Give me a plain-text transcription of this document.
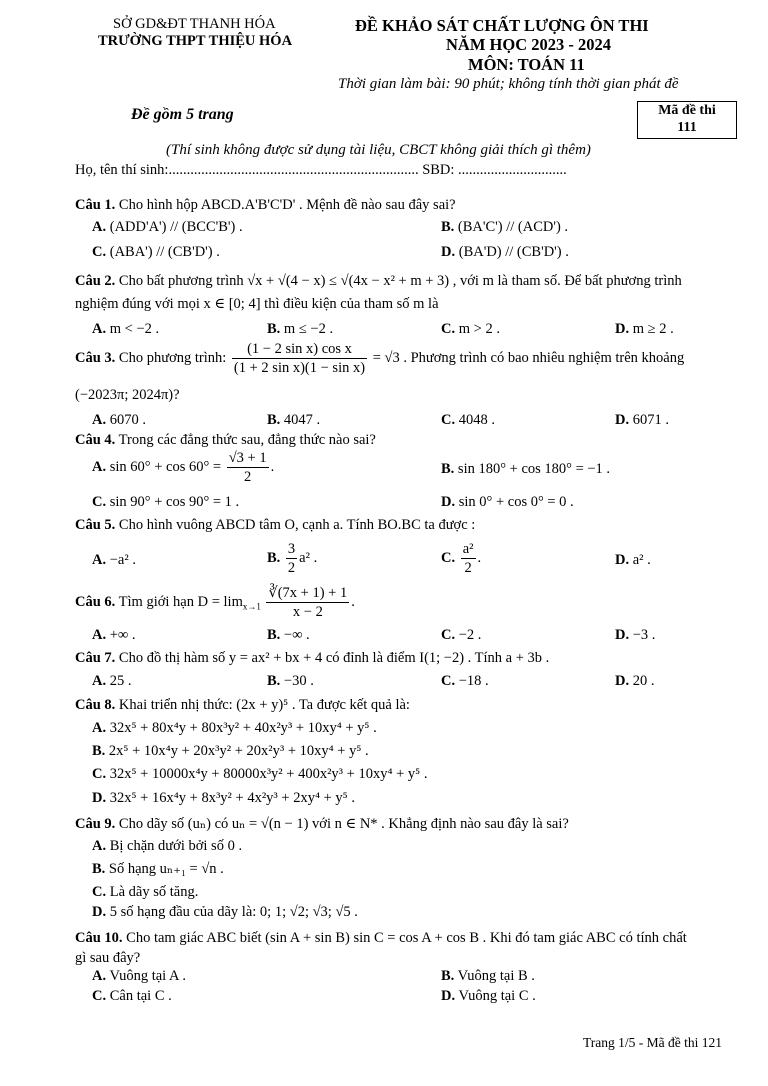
SỞ GD&ĐT THANH HÓA
TRƯỜNG THPT THIỆU HÓA
ĐỀ KHẢO SÁT CHẤT LƯỢNG ÔN THI
NĂM HỌC 2023 - 2024
MÔN: TOÁN 11
Thời gian làm bài: 90 phút; không tính thời gian phát đề
Đề gồm 5 trang	Mã đề thi
111
(Thí sinh không được sử dụng tài liệu, CBCT không giải thích gì thêm)
Họ, tên thí sinh:..................................................................... SBD: ..............................
Câu 1. Cho hình hộp ABCD.A'B'C'D' . Mệnh đề nào sau đây sai?
A. (ADD'A') // (BCC'B') .	B. (BA'C') // (ACD') .
C. (ABA') // (CB'D') .	D. (BA'D) // (CB'D') .
Câu 2. Cho bất phương trình √x + √(4 − x) ≤ √(4x − x² + m + 3) , với m là tham số. Để bất phương trình
nghiệm đúng với mọi x ∈ [0; 4] thì điều kiện của tham số m là
A. m < −2 .	B. m ≤ −2 .	C. m > 2 .	D. m ≥ 2 .
Câu 3. Cho phương trình: $\frac{\text{(1 − 2 sin x) cos x}}{\text{(1 + 2 sin x)(1 − sin x)}} = √3$ . Phương trình có bao nhiêu nghiệm trên khoảng
(−2023π; 2024π)?
A. 6070 .	B. 4047 .	C. 4048 .	D. 6071 .
Câu 4. Trong các đẳng thức sau, đẳng thức nào sai?
A. $\sin 60^\circ + \cos 60^\circ = \frac{√3 + 1}{2}$ .	B. sin 180° + cos 180° = −1 .
C. sin 90° + cos 90° = 1 .	D. sin 0° + cos 0° = 0 .
Câu 5. Cho hình vuông ABCD tâm O, cạnh a. Tính BO.BC ta được :
A. −a² .	B. $\frac{3}{2} a^2$ .	C. $\frac{\text{a²}}{2}$ .	D. a² .
Câu 6. Tìm giới hạn $D = \lim_{x\to 1} \frac{∛(7x + 1) + 1}{x - 2}$ .
A. +∞ .	B. −∞ .	C. −2 .	D. −3 .
Câu 7. Cho đồ thị hàm số y = ax² + bx + 4 có đỉnh là điểm I(1; −2) . Tính a + 3b .
A. 25 .	B. −30 .	C. −18 .	D. 20 .
Câu 8. Khai triển nhị thức: (2x + y)⁵ . Ta được kết quả là:
A. 32x⁵ + 80x⁴y + 80x³y² + 40x²y³ + 10xy⁴ + y⁵ .
B. 2x⁵ + 10x⁴y + 20x³y² + 20x²y³ + 10xy⁴ + y⁵ .
C. 32x⁵ + 10000x⁴y + 80000x³y² + 400x²y³ + 10xy⁴ + y⁵ .
D. 32x⁵ + 16x⁴y + 8x³y² + 4x²y³ + 2xy⁴ + y⁵ .
Câu 9. Cho dãy số (uₙ) có uₙ = √(n − 1) với n ∈ N* . Khẳng định nào sau đây là sai?
A. Bị chặn dưới bởi số 0 .
B. Số hạng uₙ₊₁ = √n .
C. Là dãy số tăng.
D. 5 số hạng đầu của dãy là: 0; 1; √2; √3; √5 .
Câu 10. Cho tam giác ABC biết (sin A + sin B) sin C = cos A + cos B . Khi đó tam giác ABC có tính chất
gì sau đây?
A. Vuông tại A .	B. Vuông tại B .
C. Cân tại C .	D. Vuông tại C .
Trang 1/5 - Mã đề thi 121
